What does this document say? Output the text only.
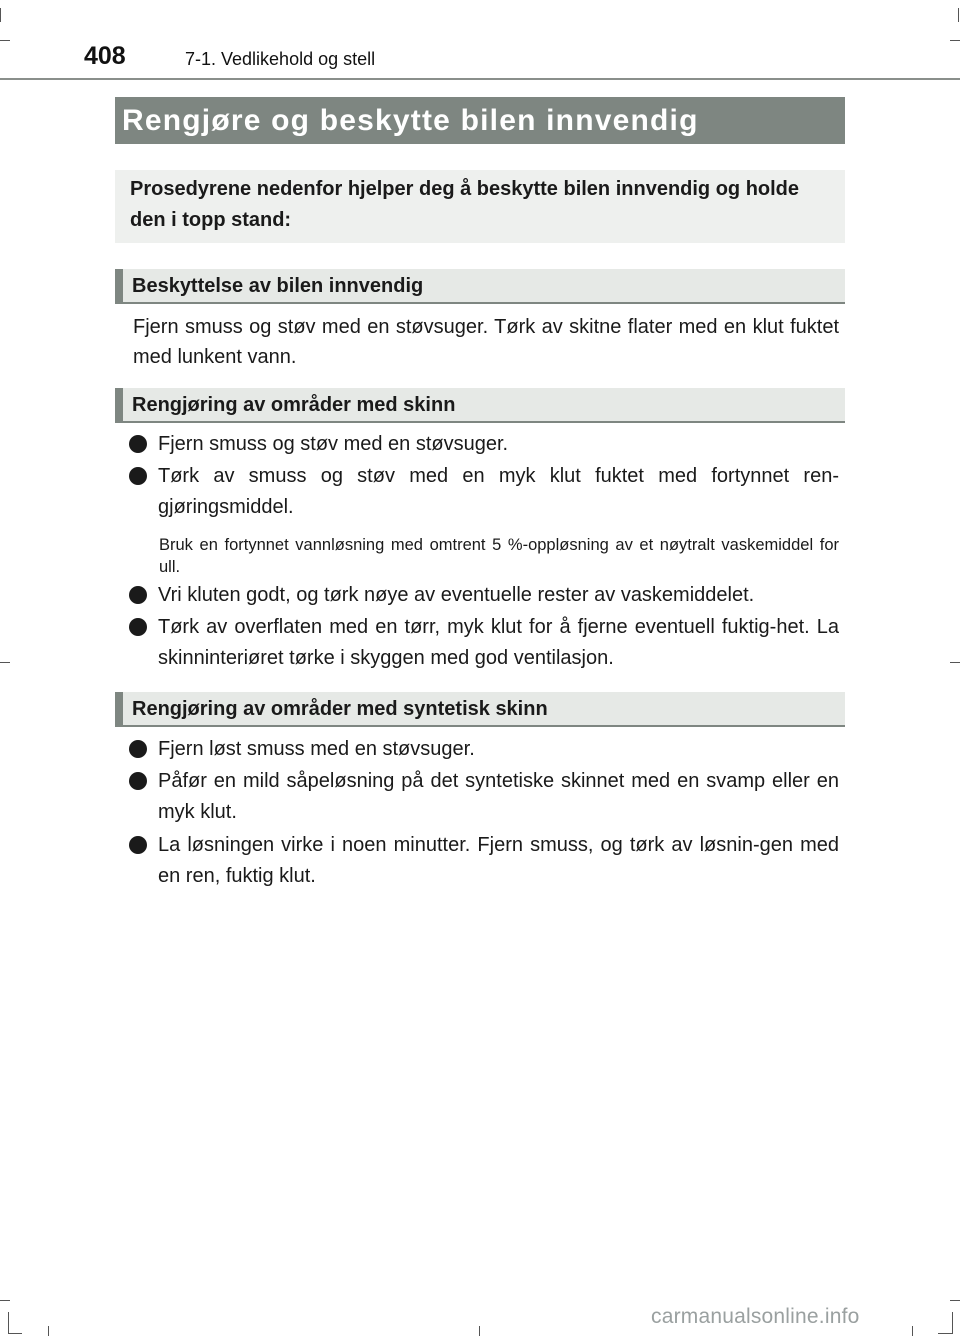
408	7-1. Vedlikehold og stell
Rengjøre og beskytte bilen innvendig
Prosedyrene nedenfor hjelper deg å beskytte bilen innvendig og holde den i topp stand:
Beskyttelse av bilen innvendig

Fjern smuss og støv med en støvsuger. Tørk av skitne flater med en klut fuktet med lunkent vann.

Rengjøring av områder med skinn
Fjern smuss og støv med en støvsuger.
Tørk av smuss og støv med en myk klut fuktet med fortynnet ren-gjøringsmiddel.
Bruk en fortynnet vannløsning med omtrent 5 %-oppløsning av et nøytralt vaskemiddel for ull.
Vri kluten godt, og tørk nøye av eventuelle rester av vaskemiddelet.
Tørk av overflaten med en tørr, myk klut for å fjerne eventuell fuktig-het. La skinninteriøret tørke i skyggen med god ventilasjon.
Rengjøring av områder med syntetisk skinn
Fjern løst smuss med en støvsuger.
Påfør en mild såpeløsning på det syntetiske skinnet med en svamp eller en myk klut.
La løsningen virke i noen minutter. Fjern smuss, og tørk av løsnin-gen med en ren, fuktig klut.
carmanualsonline.info
